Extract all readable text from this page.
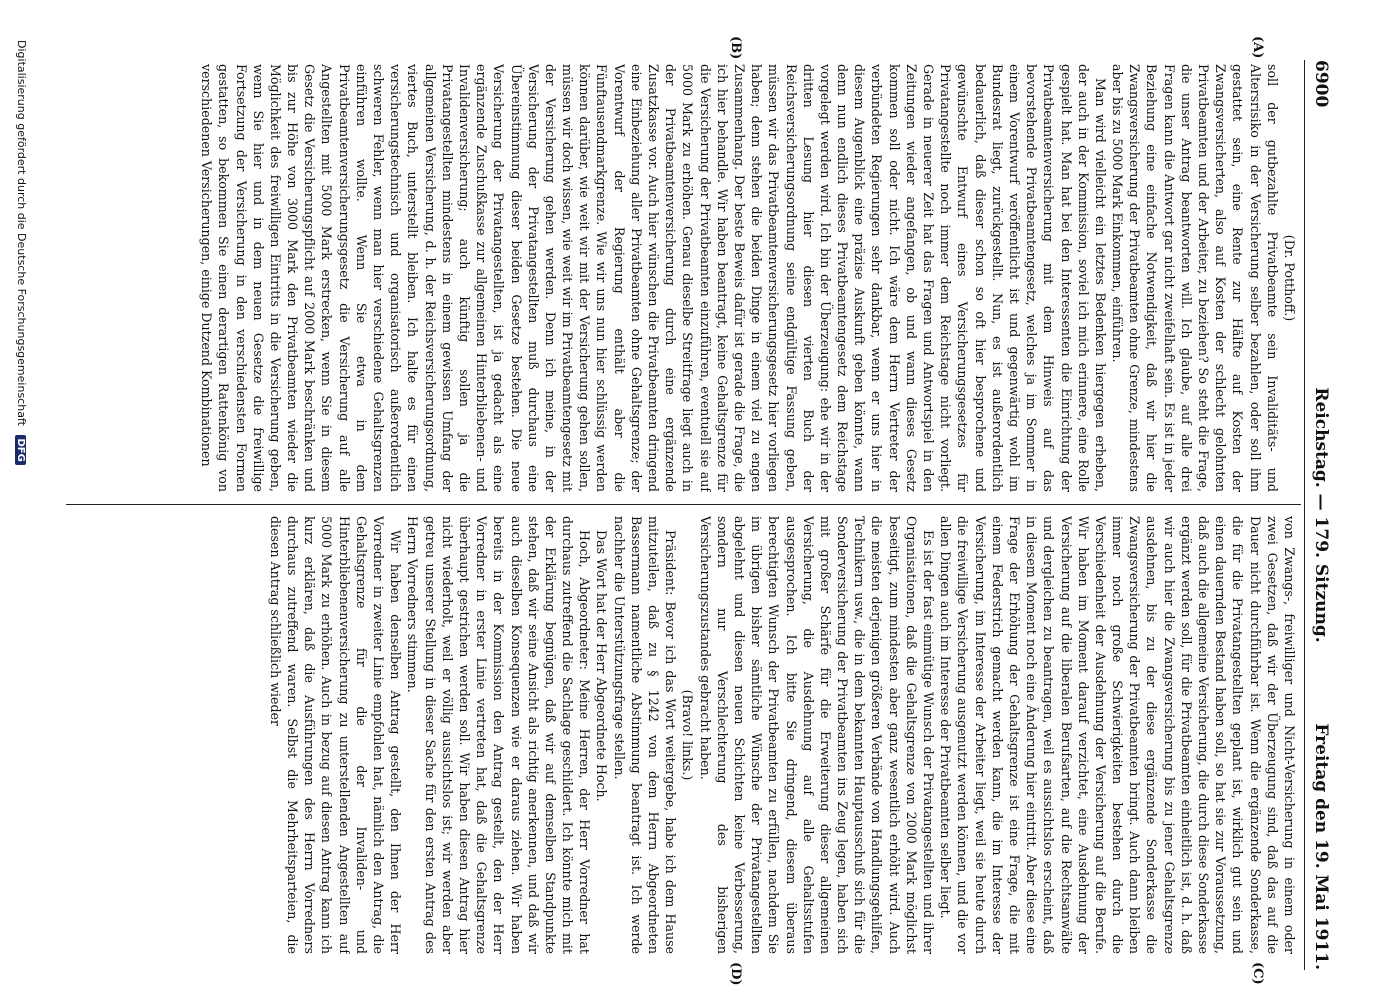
6900
Reichstag. — 179. Sitzung.
Freitag den 19. Mai 1911.
(A)
(B)
(C)
(D)

(Dr. Potthoff.)

soll der gutbezahlte Privatbeamte sein Invaliditäts- und Altersrisiko in der Versicherung selber bezahlen, oder soll ihm gestattet sein, eine Rente zur Hälfte auf Kosten der Zwangsversicherten, also auf Kosten der schlecht gelohnten Privatbeamten und der Arbeiter, zu beziehen? So steht die Frage, die unser Antrag beantworten will. Ich glaube, auf alle drei Fragen kann die Antwort gar nicht zweifelhaft sein. Es ist in jeder Beziehung eine einfache Notwendigkeit, daß wir hier die Zwangsversicherung der Privatbeamten ohne Grenze, mindestens aber bis zu 5000 Mark Einkommen, einführen.

Man wird vielleicht ein letztes Bedenken hiergegen erheben, der auch in der Kommission, soviel ich mich erinnere, eine Rolle gespielt hat. Man hat bei den Interessenten die Einrichtung der Privatbeamtenversicherung mit dem Hinweis auf das bevorstehende Privatbeamtengesetz, welches ja im Sommer in einem Vorentwurf veröffentlicht ist und gegenwärtig wohl im Bundesrat liegt, zurückgestellt. Nun, es ist außerordentlich bedauerlich, daß dieser schon so oft hier besprochene und gewünschte Entwurf eines Versicherungsgesetzes für Privatangestellte noch immer dem Reichstage nicht vorliegt. Gerade in neuerer Zeit hat das Fragen und Antwortspiel in den Zeitungen wieder angefangen, ob und wann dieses Gesetz kommen soll oder nicht. Ich wäre dem Herrn Vertreter der verbündeten Regierungen sehr dankbar, wenn er uns hier in diesem Augenblick eine präzise Auskunft geben könnte, wann denn nun endlich dieses Privatbeamtengesetz dem Reichstage vorgelegt werden wird. Ich bin der Überzeugung: ehe wir in der dritten Lesung hier diesen vierten Buch der Reichsversicherungsordnung seine endgültige Fassung geben, müssen wir das Privatbeamtenversicherungsgesetz hier vorliegen haben; denn stehen die beiden Dinge in einem viel zu engen Zusammenhang. Der beste Beweis dafür ist gerade die Frage, die ich hier behandle. Wir haben beantragt, keine Gehaltsgrenze für die Versicherung der Privatbeamten einzuführen, eventuell sie auf 5000 Mark zu erhöhen. Genau dieselbe Streitfrage liegt auch in der Privatbeamtenversicherung durch eine ergänzende Zusatzkasse vor. Auch hier wünschen die Privatbeamten dringend eine Einbeziehung aller Privatbeamten ohne Gehaltsgrenze; der Vorentwurf der Regierung enthält aber die Fünftausendmarkgrenze. Wie wir uns nun hier schlüssig werden können darüber, wie weit wir mit der Versicherung gehen sollen, müssen wir doch wissen, wie weit wir im Privatbeamtengesetz mit der Versicherung gehen werden. Denn ich meine, in der Versicherung der Privatangestellten muß durchaus eine Übereinstimmung dieser beiden Gesetze bestehen. Die neue Versicherung der Privatangestellten, ist ja gedacht als eine ergänzende Zuschußkasse zur allgemeinen Hinterbliebenen- und Invalidenversicherung; auch künftig sollen ja die Privatangestellten mindestens in einem gewissen Umfang der allgemeinen Versicherung, d. h. der Reichsversicherungsordnung, viertes Buch, unterstellt bleiben. Ich halte es für einen versicherungstechnisch und organisatorisch außerordentlich schweren Fehler, wenn man hier verschiedene Gehaltsgrenzen einführen wollte. Wenn Sie etwa in dem Privatbeamtenversicherungsgesetz die Versicherung auf alle Angestellten mit 5000 Mark erstrecken, wenn Sie in diesem Gesetz die Versicherungspflicht auf 2000 Mark beschränken und bis zur Höhe von 3000 Mark den Privatbeamten wieder die Möglichkeit des freiwilligen Eintritts in die Versicherung geben, wenn Sie hier und in dem neuen Gesetze die freiwillige Fortsetzung der Versicherung in den verschiedensten Formen gestatten, so bekommen Sie einen derartigen Rattenkönig von verschiedenen Versicherungen, einige Dutzend Kombinationen

von Zwangs-, freiwilliger und Nicht-Versicherung in einem oder zwei Gesetzen, daß wir der Überzeugung sind, daß das auf die Dauer nicht durchführbar ist. Wenn die ergänzende Sonderkasse, die für die Privatangestellten geplant ist, wirklich gut sein und einen dauernden Bestand haben soll, so hat sie zur Voraussetzung, daß auch die allgemeine Versicherung, die durch diese Sonderkasse ergänzt werden soll, für die Privatbeamten einheitlich ist, d. h. daß wir auch hier die Zwangsversicherung bis zu jener Gehaltsgrenze ausdehnen, bis zu der diese ergänzende Sonderkasse die Zwangsversicherung der Privatbeamten bringt. Auch dann bleiben immer noch große Schwierigkeiten bestehen durch die Verschiedenheit der Ausdehnung der Versicherung auf die Berufe. Wir haben im Moment darauf verzichtet, eine Ausdehnung der Versicherung auf die liberalen Berufsarten, auf die Rechtsanwälte und dergleichen zu beantragen, weil es aussichtslos erscheint, daß in diesem Moment noch eine Änderung hier eintritt. Aber diese eine Frage der Erhöhung der Gehaltsgrenze ist eine Frage, die mit einem Federstrich gemacht werden kann, die im Interesse der Versicherung, im Interesse der Arbeiter liegt, weil sie heute durch die freiwillige Versicherung ausgenutzt werden können, und die vor allen Dingen auch im Interesse der Privatbeamten selber liegt.

Es ist der fast einmütige Wunsch der Privatangestellten und ihrer Organisationen, daß die Gehaltsgrenze von 2000 Mark möglichst beseitigt, zum mindesten aber ganz wesentlich erhöht wird. Auch die meisten derjenigen größeren Verbände von Handlungsgehilfen, Technikern usw., die in dem bekannten Hauptausschuß sich für die Sonderversicherung der Privatbeamten ins Zeug legen, haben sich mit großer Schärfe für die Erweiterung dieser allgemeinen Versicherung, die Ausdehnung auf alle Gehaltsstufen ausgesprochen. Ich bitte Sie dringend, diesem überaus berechtigten Wunsch der Privatbeamten zu erfüllen, nachdem Sie im übrigen bisher sämtliche Wünsche der Privatangestellten abgelehnt und diesen neuen Schichten keine Verbesserung, sondern nur Verschlechterung des bisherigen Versicherungszustandes gebracht haben.

(Bravo! links.)

Präsident: Bevor ich das Wort weitergebe, habe ich dem Hause mitzuteilen, daß zu § 1242 von dem Herrn Abgeordneten Bassermann namentliche Abstimmung beantragt ist. Ich werde nachher die Unterstützungsfrage stellen.

Das Wort hat der Herr Abgeordnete Hoch.

Hoch, Abgeordneter: Meine Herren, der Herr Vorredner hat durchaus zutreffend die Sachlage geschildert. Ich könnte mich mit der Erklärung begnügen, daß wir auf demselben Standpunkte stehen, daß wir seine Ansicht als richtig anerkennen, und daß wir auch dieselben Konsequenzen wie er daraus ziehen. Wir haben bereits in der Kommission den Antrag gestellt, den der Herr Vorredner in erster Linie vertreten hat, daß die Gehaltsgrenze überhaupt gestrichen werden soll. Wir haben diesen Antrag hier nicht wiederholt, weil er völlig aussichtslos ist; wir werden aber getreu unserer Stellung in dieser Sache für den ersten Antrag des Herrn Vorredners stimmen.

Wir haben denselben Antrag gestellt, den Ihnen der Herr Vorredner in zweiter Linie empfohlen hat, nämlich den Antrag, die Gehaltsgrenze für die der Invaliden- und Hinterbliebenenversicherung zu unterstellenden Angestellten auf 5000 Mark zu erhöhen. Auch in bezug auf diesen Antrag kann ich kurz erklären, daß die Ausführungen des Herrn Vorredners durchaus zutreffend waren. Selbst die Mehrheitsparteien, die diesen Antrag schließlich wieder

Digitalisierung gefördert durch die Deutsche Forschungsgemeinschaft DFG
